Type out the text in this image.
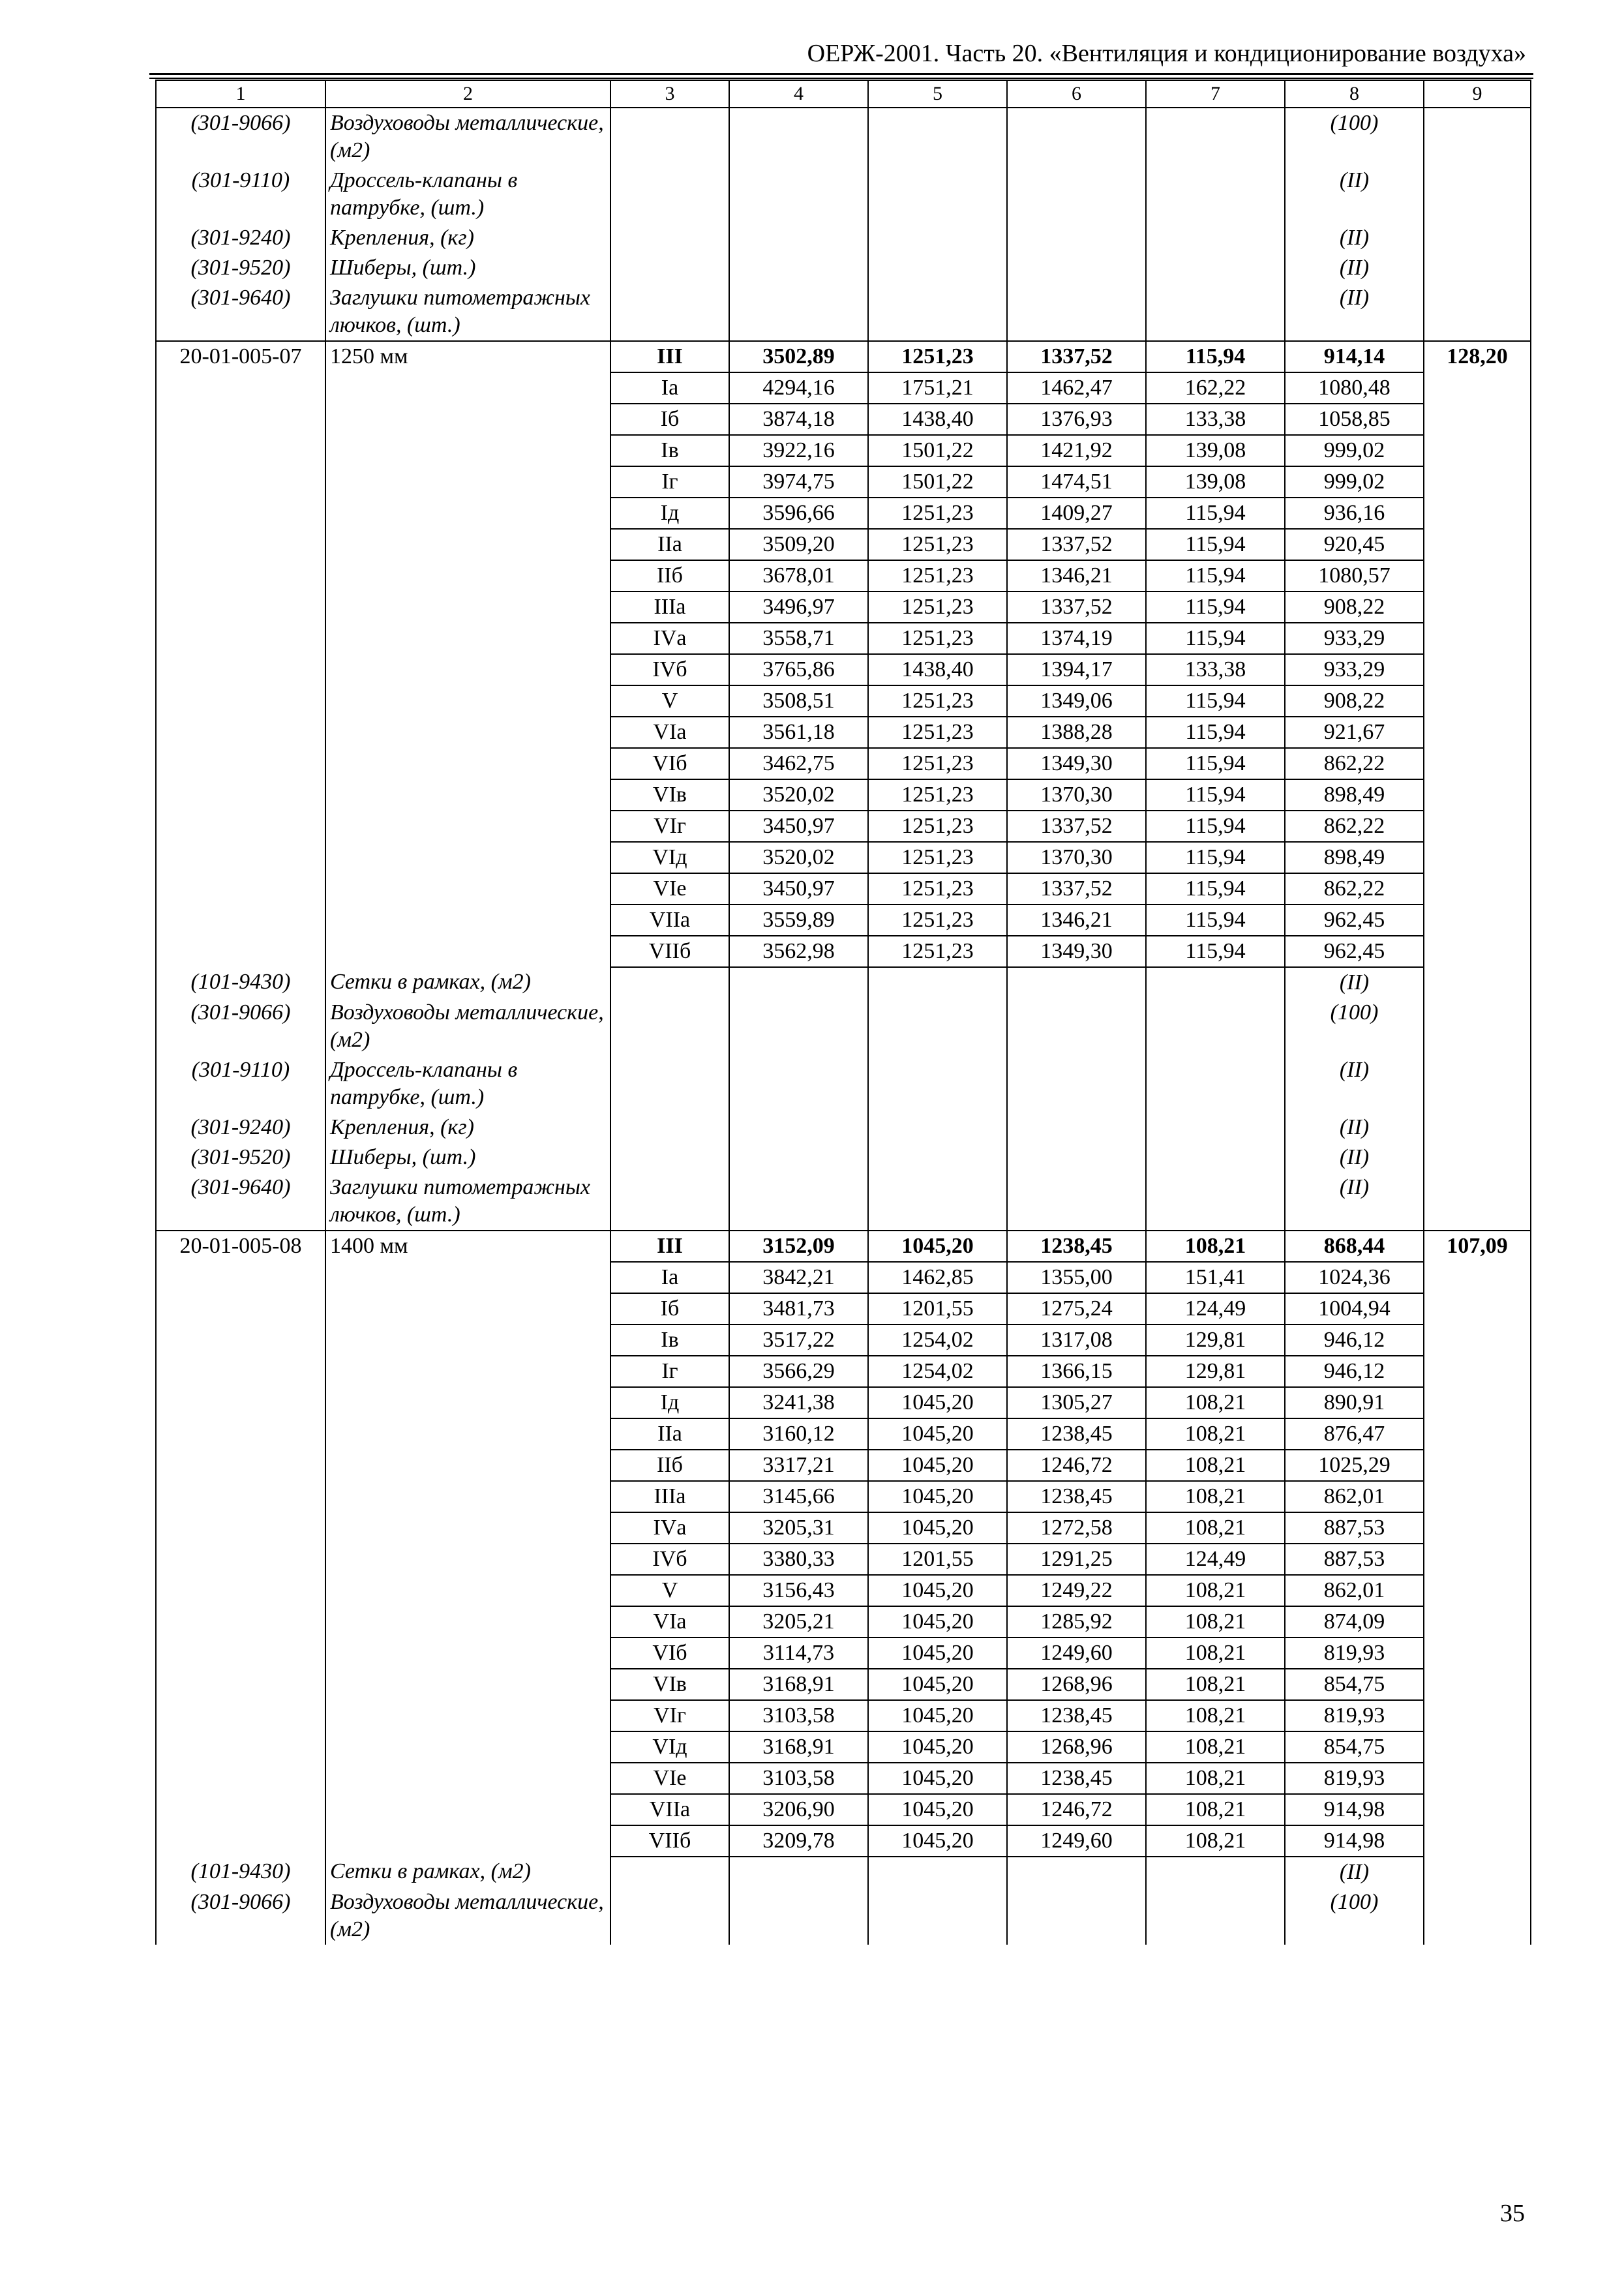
ОЕРЖ-2001. Часть 20. «Вентиляция и кондиционирование воздуха»
1	2	3	4	5	6	7	8	9
(301-9066)	Воздуховоды металлические, (м2)						(100)	
(301-9110)	Дроссель-клапаны в патрубке, (шт.)						(II)	
(301-9240)	Крепления, (кг)						(II)	
(301-9520)	Шиберы, (шт.)						(II)	
(301-9640)	Заглушки питометражных лючков, (шт.)						(II)	
20-01-005-07	1250 мм	III	3502,89	1251,23	1337,52	115,94	914,14	128,20
		Iа	4294,16	1751,21	1462,47	162,22	1080,48	
		Iб	3874,18	1438,40	1376,93	133,38	1058,85	
		Iв	3922,16	1501,22	1421,92	139,08	999,02	
		Iг	3974,75	1501,22	1474,51	139,08	999,02	
		Iд	3596,66	1251,23	1409,27	115,94	936,16	
		IIа	3509,20	1251,23	1337,52	115,94	920,45	
		IIб	3678,01	1251,23	1346,21	115,94	1080,57	
		IIIа	3496,97	1251,23	1337,52	115,94	908,22	
		IVа	3558,71	1251,23	1374,19	115,94	933,29	
		IVб	3765,86	1438,40	1394,17	133,38	933,29	
		V	3508,51	1251,23	1349,06	115,94	908,22	
		VIа	3561,18	1251,23	1388,28	115,94	921,67	
		VIб	3462,75	1251,23	1349,30	115,94	862,22	
		VIв	3520,02	1251,23	1370,30	115,94	898,49	
		VIг	3450,97	1251,23	1337,52	115,94	862,22	
		VIд	3520,02	1251,23	1370,30	115,94	898,49	
		VIе	3450,97	1251,23	1337,52	115,94	862,22	
		VIIа	3559,89	1251,23	1346,21	115,94	962,45	
		VIIб	3562,98	1251,23	1349,30	115,94	962,45	
(101-9430)	Сетки в рамках, (м2)						(II)	
(301-9066)	Воздуховоды металлические, (м2)						(100)	
(301-9110)	Дроссель-клапаны в патрубке, (шт.)						(II)	
(301-9240)	Крепления, (кг)						(II)	
(301-9520)	Шиберы, (шт.)						(II)	
(301-9640)	Заглушки питометражных лючков, (шт.)						(II)	
20-01-005-08	1400 мм	III	3152,09	1045,20	1238,45	108,21	868,44	107,09
		Iа	3842,21	1462,85	1355,00	151,41	1024,36	
		Iб	3481,73	1201,55	1275,24	124,49	1004,94	
		Iв	3517,22	1254,02	1317,08	129,81	946,12	
		Iг	3566,29	1254,02	1366,15	129,81	946,12	
		Iд	3241,38	1045,20	1305,27	108,21	890,91	
		IIа	3160,12	1045,20	1238,45	108,21	876,47	
		IIб	3317,21	1045,20	1246,72	108,21	1025,29	
		IIIа	3145,66	1045,20	1238,45	108,21	862,01	
		IVа	3205,31	1045,20	1272,58	108,21	887,53	
		IVб	3380,33	1201,55	1291,25	124,49	887,53	
		V	3156,43	1045,20	1249,22	108,21	862,01	
		VIа	3205,21	1045,20	1285,92	108,21	874,09	
		VIб	3114,73	1045,20	1249,60	108,21	819,93	
		VIв	3168,91	1045,20	1268,96	108,21	854,75	
		VIг	3103,58	1045,20	1238,45	108,21	819,93	
		VIд	3168,91	1045,20	1268,96	108,21	854,75	
		VIе	3103,58	1045,20	1238,45	108,21	819,93	
		VIIа	3206,90	1045,20	1246,72	108,21	914,98	
		VIIб	3209,78	1045,20	1249,60	108,21	914,98	
(101-9430)	Сетки в рамках, (м2)						(II)	
(301-9066)	Воздуховоды металлические, (м2)						(100)	
35
